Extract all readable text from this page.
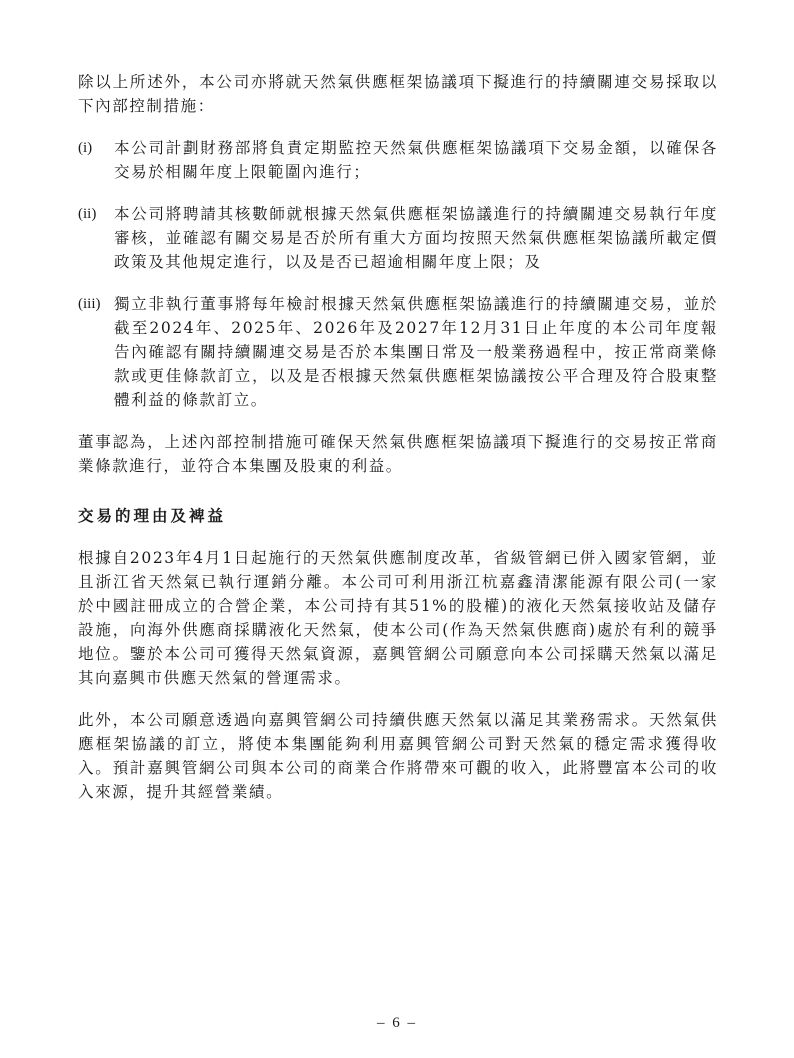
除以上所述外，本公司亦將就天然氣供應框架協議項下擬進行的持續關連交易採取以下內部控制措施：

(i)	本公司計劃財務部將負責定期監控天然氣供應框架協議項下交易金額，以確保各交易於相關年度上限範圍內進行；
(ii)	本公司將聘請其核數師就根據天然氣供應框架協議進行的持續關連交易執行年度審核，並確認有關交易是否於所有重大方面均按照天然氣供應框架協議所載定價政策及其他規定進行，以及是否已超逾相關年度上限；及
(iii) 獨立非執行董事將每年檢討根據天然氣供應框架協議進行的持續關連交易，並於截至2024年、2025年、2026年及2027年12月31日止年度的本公司年度報告內確認有關持續關連交易是否於本集團日常及一般業務過程中，按正常商業條款或更佳條款訂立，以及是否根據天然氣供應框架協議按公平合理及符合股東整體利益的條款訂立。

董事認為，上述內部控制措施可確保天然氣供應框架協議項下擬進行的交易按正常商業條款進行，並符合本集團及股東的利益。

交易的理由及裨益

根據自2023年4月1日起施行的天然氣供應制度改革，省級管網已併入國家管網，並且浙江省天然氣已執行運銷分離。本公司可利用浙江杭嘉鑫清潔能源有限公司(一家於中國註冊成立的合營企業，本公司持有其51%的股權)的液化天然氣接收站及儲存設施，向海外供應商採購液化天然氣，使本公司(作為天然氣供應商)處於有利的競爭地位。鑒於本公司可獲得天然氣資源，嘉興管網公司願意向本公司採購天然氣以滿足其向嘉興市供應天然氣的營運需求。

此外，本公司願意透過向嘉興管網公司持續供應天然氣以滿足其業務需求。天然氣供應框架協議的訂立，將使本集團能夠利用嘉興管網公司對天然氣的穩定需求獲得收入。預計嘉興管網公司與本公司的商業合作將帶來可觀的收入，此將豐富本公司的收入來源，提升其經營業績。

– 6 –
